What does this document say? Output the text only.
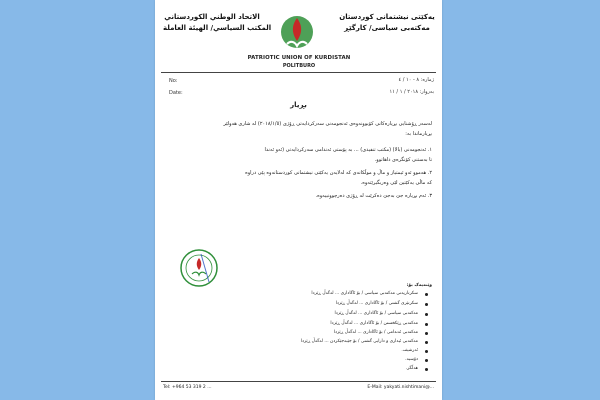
الاتحاد الوطني الكوردستاني
المكتب السياسي/ الهيئة العاملة
یەکێتی نیشتمانی کوردستان
مەکتەبی سیاسی/ کارگێڕ
PATRIOTIC UNION OF KURDISTAN
POLITBURO
No:
Date:
ژمارە: ٨ - ١٠ / ٤
بەروار: ٢٠١٨ / ١ / ١١
بڕیار
لەسەر ڕۆشنایی بڕیارەکانی کۆبوونەوەی ئەنجومەنی سەرکردایەتی ڕۆژی (٢٠١٨/١/٥) لە شاری هەولێر
بڕیارماندا بە:
١. ئەنجومەنی (بالا) (مکتب تنفیذی) ... بە پۆستی ئەندامی سەرکردایەتی (ئەو ئەندا
تا بەستنی کۆنگرەی داهاتوو.
٢. هەموو ئەو ئیمتیاز و ماڵ و موڵکانەی کە لەلایەن یەکێتی نیشتمانی کوردستانەوە پێی دراوە
کە ماڵی یەکێتین لێی وەربگیرێتەوە.
٣. ئەم بڕیارە جێ بەجێ دەکرێت لە ڕۆژی دەرچوونییەوە.
وێنەیەک بۆ:
سکرتاریەتی مەکتەبی سیاسی / بۆ ئاگاداری ... لەگەڵ ڕێزدا
سکرتێری گشتی / بۆ ئاگاداری ... لەگەڵ ڕێزدا
مەکتەبی سیاسی / بۆ ئاگاداری ... لەگەڵ ڕێزدا
مەکتەبی ڕێکخستن / بۆ ئاگاداری ... لەگەڵ ڕێزدا
مەکتەبی ئەندامی / بۆ ئاگاداری ... لەگەڵ ڕێزدا
مەکتەبی ئیداری و دارایی گشتی / بۆ جێبەجێکردن ... لەگەڵ ڕێزدا
ئەرشیف.
دۆسیە.
هەڵگر.
Tel: +964 53 319 2 ...	E-Mail: yakyati.nishtimani@...
